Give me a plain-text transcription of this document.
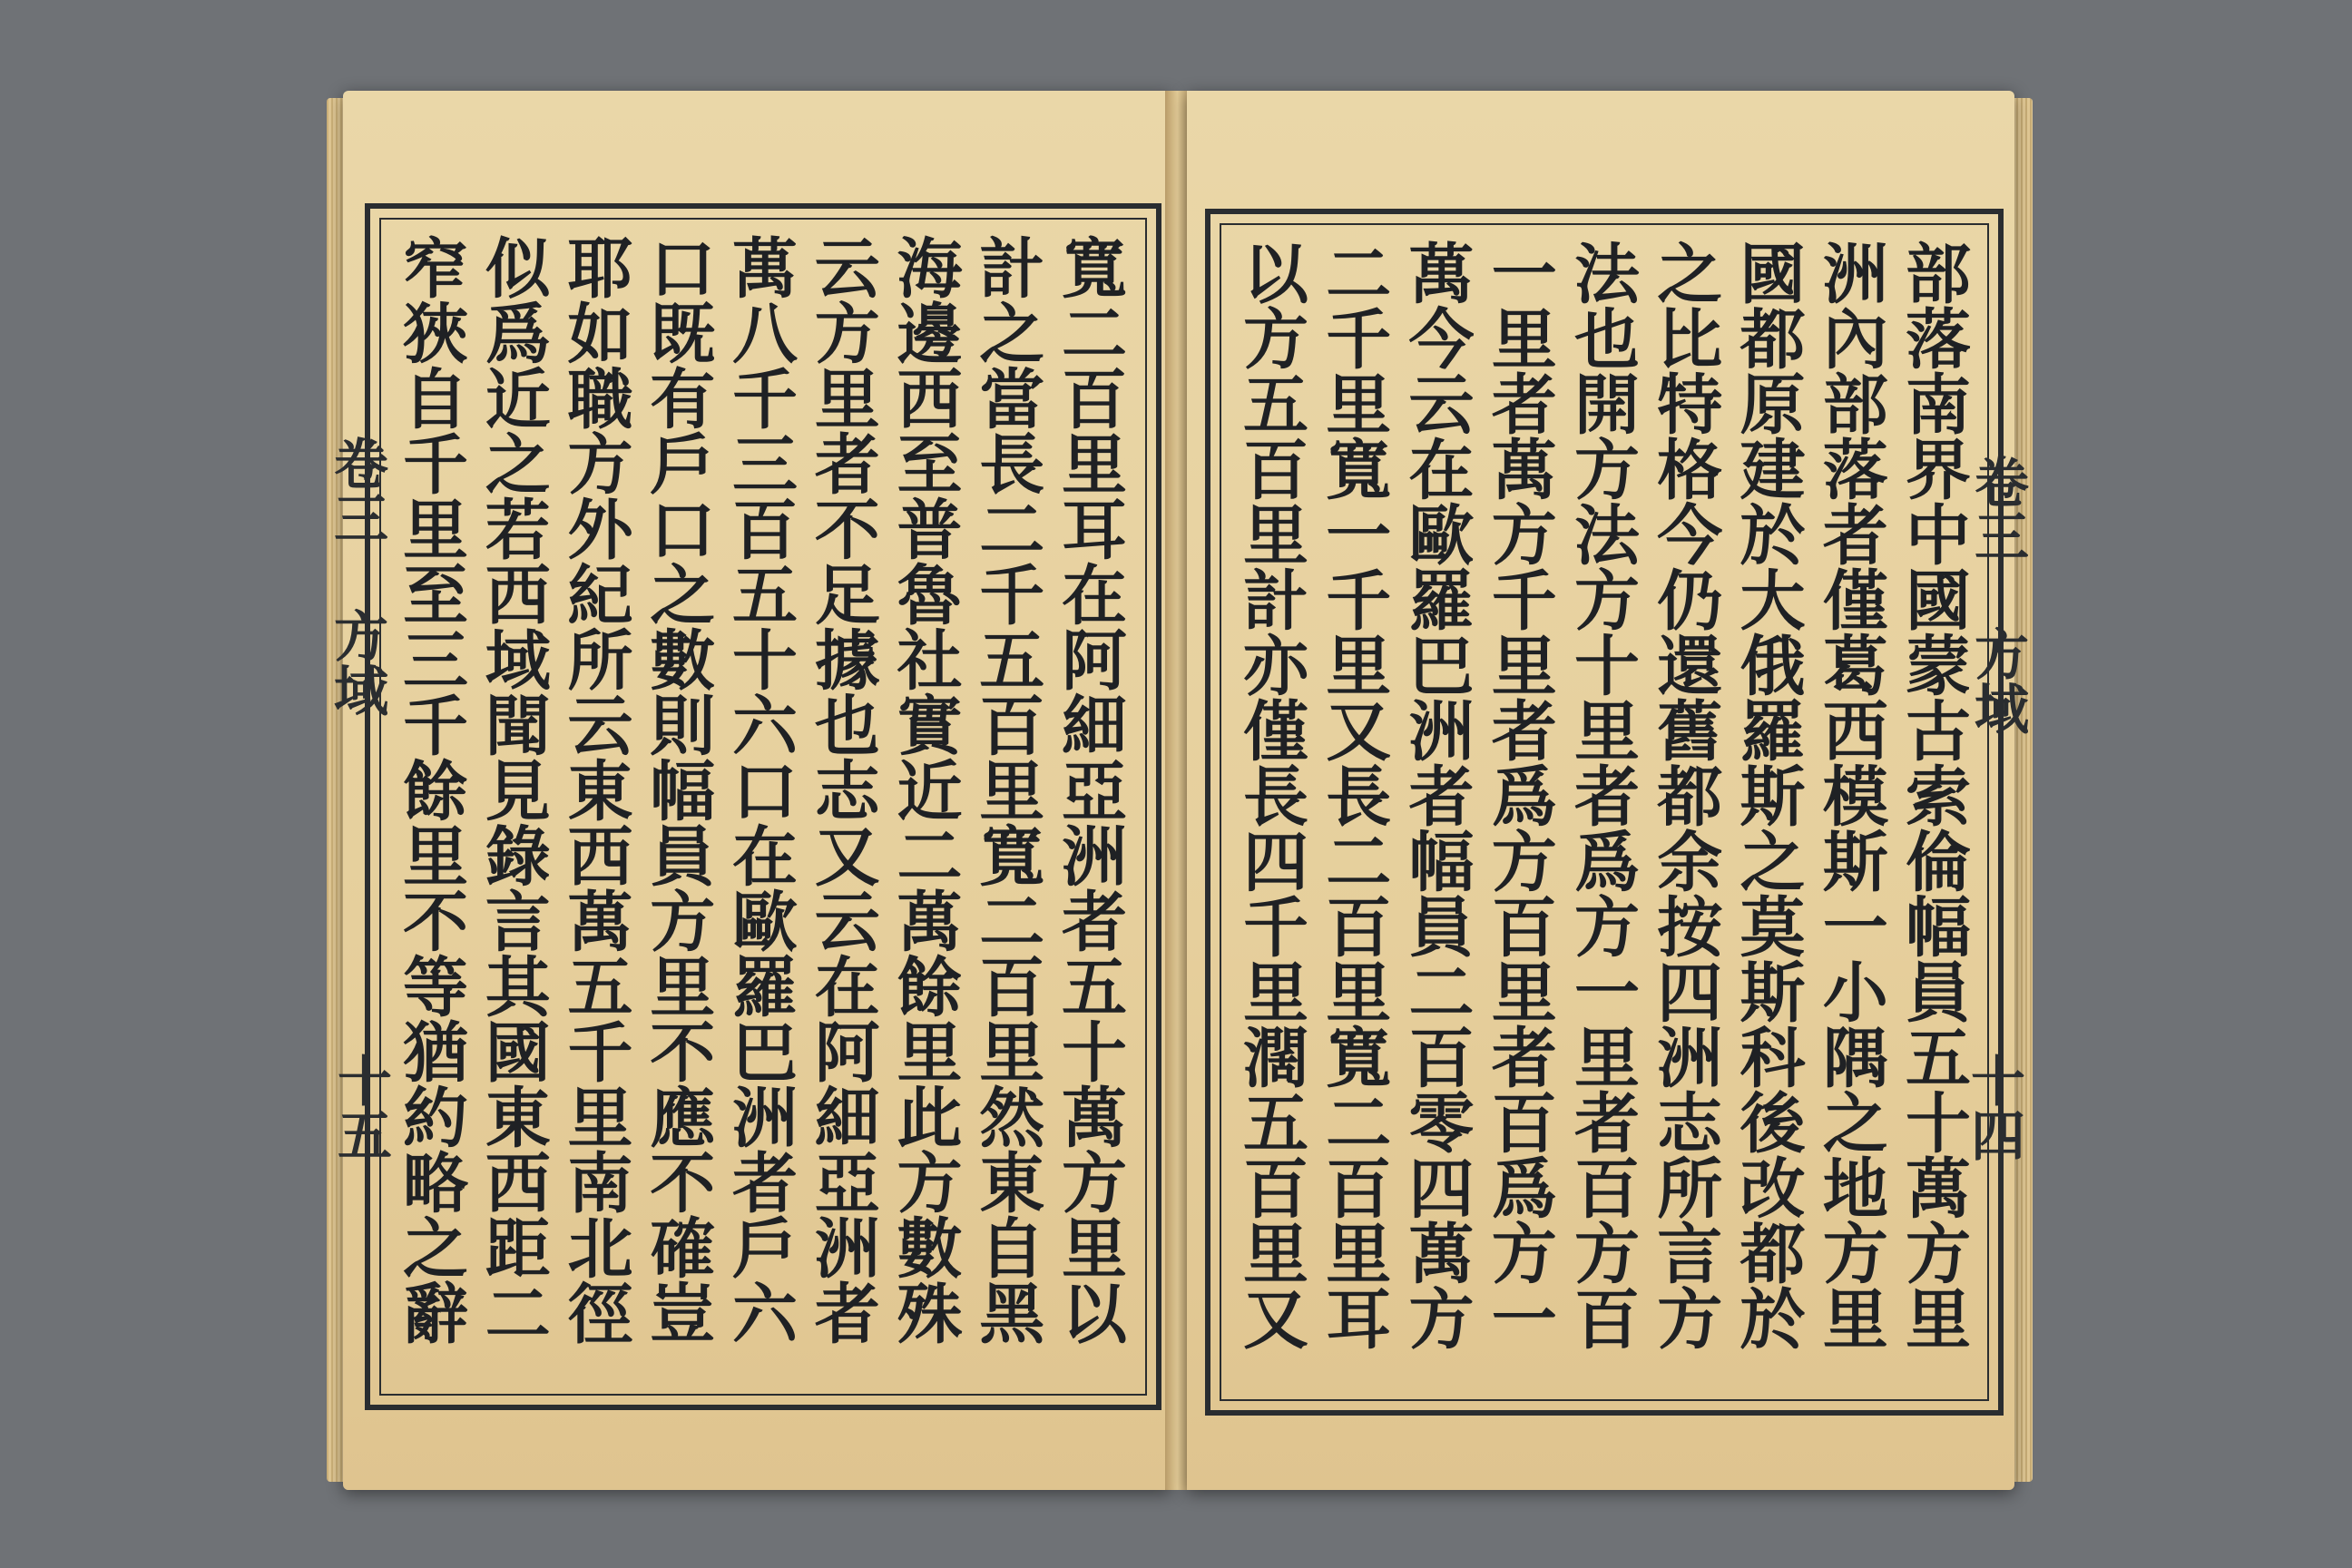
卷三 方域
十五
寬二百里耳在阿細亞洲者五十萬方里以
計之當長二千五百里寬二百里然東自黑
海邊西至普魯社實近二萬餘里此方數殊
云方里者不足據也志又云在阿細亞洲者
萬八千三百五十六口在歐羅巴洲者戶六
口既有戶口之數則幅員方里不應不確豈
耶如職方外紀所云東西萬五千里南北徑
似爲近之若西域聞見錄言其國東西距二
窄狹自千里至三千餘里不等猶約略之辭
卷三 方域
十四
部落南界中國蒙古索倫幅員五十萬方里
洲內部落者僅葛西模斯一小隅之地方里
國都原建於大俄羅斯之莫斯科後改都於
之比特格今仍還舊都余按四洲志所言方
法也開方法方十里者爲方一里者百方百
一里者萬方千里者爲方百里者百爲方一
萬今云在歐羅巴洲者幅員二百零四萬方
二千里寬一千里又長二百里寬二百里耳
以方五百里計亦僅長四千里濶五百里又
